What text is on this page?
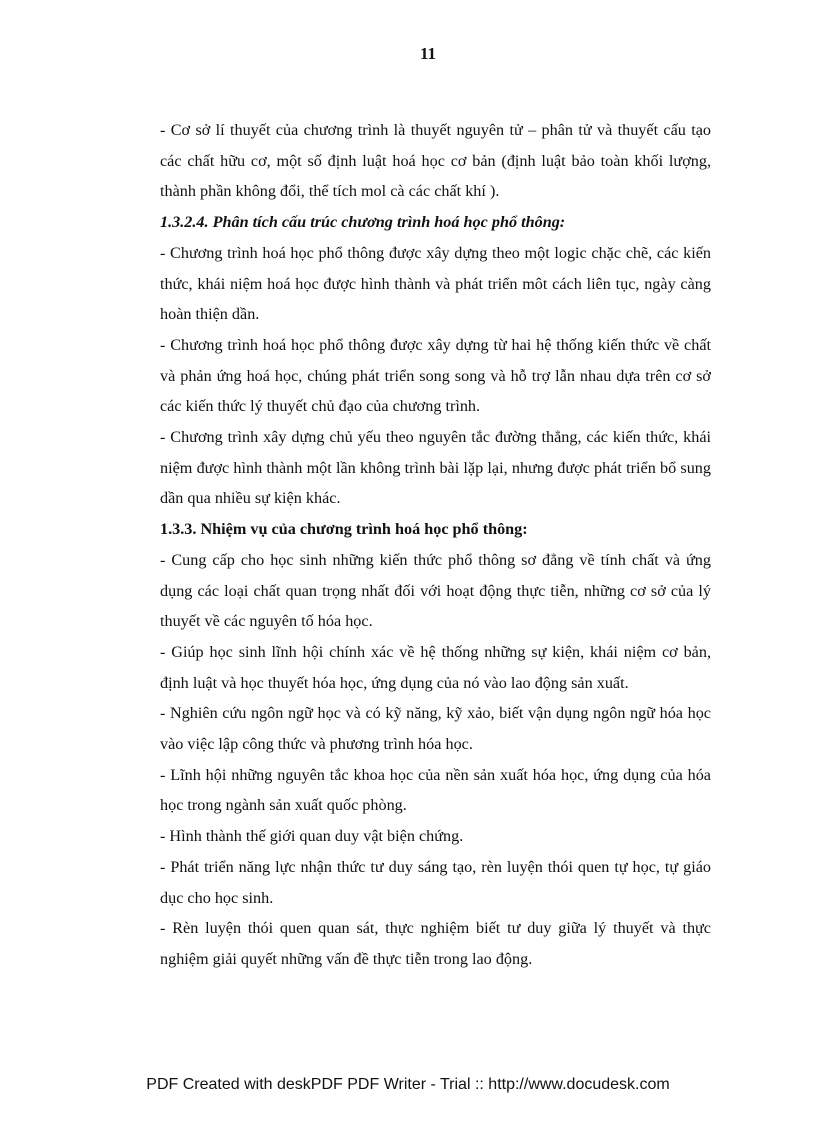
11

- Cơ sở lí thuyết của chương trình là thuyết nguyên tử – phân tử và thuyết cấu tạo các chất hữu cơ, một số định luật hoá học cơ bản (định luật bảo toàn khối lượng, thành phần không đổi, thể tích mol cà các chất khí ).

1.3.2.4. Phân tích cấu trúc chương trình hoá học phổ thông:

- Chương trình hoá học phổ thông được xây dựng theo một logic chặc chẽ, các kiến thức, khái niệm hoá học được hình thành và phát triển môt cách liên tục, ngày càng hoàn thiện dần.

- Chương trình hoá học phổ thông được xây dựng từ hai hệ thống kiến thức về chất và phản ứng hoá học, chúng phát triển song song và hỗ trợ lẫn nhau dựa trên cơ sở các kiến thức lý thuyết chủ đạo của chương trình.

- Chương trình xây dựng chủ yếu theo nguyên tắc đường thẳng, các kiến thức, khái niệm được hình thành một lần không trình bài lặp lại, nhưng được phát triển bổ sung dần qua nhiều sự kiện khác.

1.3.3. Nhiệm vụ của chương trình hoá học phổ thông:

- Cung cấp cho học sinh những kiến thức phổ thông sơ đẳng về tính chất và ứng dụng các loại chất quan trọng nhất đối với hoạt động thực tiễn, những cơ sở của lý thuyết về các nguyên tố hóa học.

- Giúp học sinh lĩnh hội chính xác về hệ thống những sự kiện, khái niệm cơ bản, định luật và học thuyết hóa học, ứng dụng của nó vào lao động sản xuất.

- Nghiên cứu ngôn ngữ học và có kỹ năng, kỹ xảo, biết vận dụng ngôn ngữ hóa học vào việc lập công thức và phương trình hóa học.

- Lĩnh hội những nguyên tắc khoa học của nền sản xuất hóa học, ứng dụng của hóa học trong ngành sản xuất quốc phòng.

- Hình thành thế giới quan duy vật biện chứng.

- Phát triển năng lực nhận thức tư duy sáng tạo, rèn luyện thói quen tự học, tự giáo dục cho học sinh.

- Rèn luyện thói quen quan sát, thực nghiệm biết tư duy giữa lý thuyết và thực nghiệm giải quyết những vấn đề thực tiễn trong lao động.

PDF Created with deskPDF PDF Writer - Trial :: http://www.docudesk.com
